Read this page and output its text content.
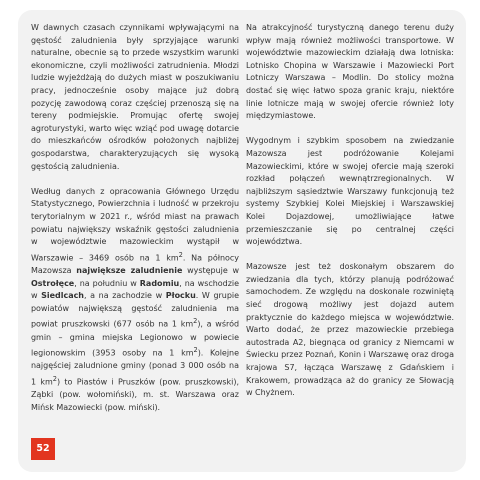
W dawnych czasach czynnikami wpływającymi na gęstość zaludnienia były sprzyjające warunki naturalne, obecnie są to przede wszystkim warunki ekonomiczne, czyli możliwości zatrudnienia. Młodzi ludzie wyjeżdżają do dużych miast w poszukiwaniu pracy, jednocześnie osoby mające już dobrą pozycję zawodową coraz częściej przenoszą się na tereny podmiejskie. Promując ofertę swojej agroturystyki, warto więc wziąć pod uwagę dotarcie do mieszkańców ośrodków położonych najbliżej gospodarstwa, charakteryzujących się wysoką gęstością zaludnienia.

Według danych z opracowania Głównego Urzędu Statystycznego, Powierzchnia i ludność w przekroju terytorialnym w 2021 r., wśród miast na prawach powiatu największy wskaźnik gęstości zaludnienia w województwie mazowieckim wystąpił w Warszawie – 3469 osób na 1 $km^2$. Na północy Mazowsza największe zaludnienie występuje w Ostrołęce, na południu w Radomiu, na wschodzie w Siedlcach, a na zachodzie w Płocku. W grupie powiatów największą gęstość zaludnienia ma powiat pruszkowski (677 osób na 1 $km^2$), a wśród gmin – gmina miejska Legionowo w powiecie legionowskim (3953 osoby na 1 $km^2$). Kolejne najgęściej zaludnione gminy (ponad 3 000 osób na 1 $km^2$) to Piastów i Pruszków (pow. pruszkowski), Ząbki (pow. wołomiński), m. st. Warszawa oraz Mińsk Mazowiecki (pow. miński).

Na atrakcyjność turystyczną danego terenu duży wpływ mają również możliwości transportowe. W województwie mazowieckim działają dwa lotniska: Lotnisko Chopina w Warszawie i Mazowiecki Port Lotniczy Warszawa – Modlin. Do stolicy można dostać się więc łatwo spoza granic kraju, niektóre linie lotnicze mają w swojej ofercie również loty międzymiastowe.

Wygodnym i szybkim sposobem na zwiedzanie Mazowsza jest podróżowanie Kolejami Mazowieckimi, które w swojej ofercie mają szeroki rozkład połączeń wewnątrzregionalnych. W najbliższym sąsiedztwie Warszawy funkcjonują też systemy Szybkiej Kolei Miejskiej i Warszawskiej Kolei Dojazdowej, umożliwiające łatwe przemieszczanie się po centralnej części województwa.

Mazowsze jest też doskonałym obszarem do zwiedzania dla tych, którzy planują podróżować samochodem. Ze względu na doskonale rozwiniętą sieć drogową możliwy jest dojazd autem praktycznie do każdego miejsca w województwie. Warto dodać, że przez mazowieckie przebiega autostrada A2, biegnąca od granicy z Niemcami w Świecku przez Poznań, Konin i Warszawę oraz droga krajowa S7, łącząca Warszawę z Gdańskiem i Krakowem, prowadząca aż do granicy ze Słowacją w Chyżnem.

52
